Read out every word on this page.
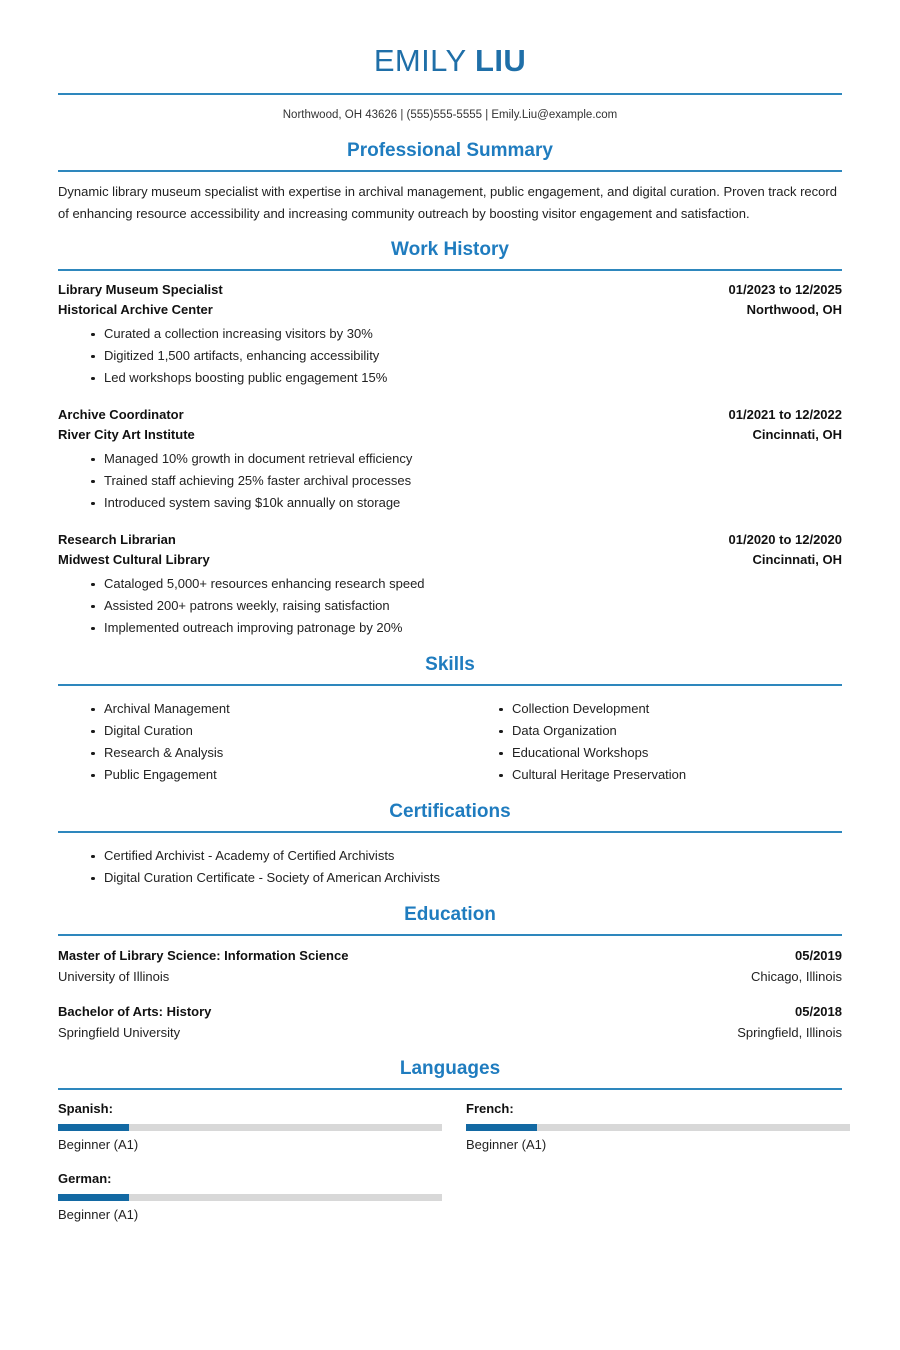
EMILY LIU
Northwood, OH 43626 | (555)555-5555 | Emily.Liu@example.com
Professional Summary
Dynamic library museum specialist with expertise in archival management, public engagement, and digital curation. Proven track record of enhancing resource accessibility and increasing community outreach by boosting visitor engagement and satisfaction.
Work History
Library Museum Specialist	01/2023 to 12/2025
Historical Archive Center	Northwood, OH
Curated a collection increasing visitors by 30%
Digitized 1,500 artifacts, enhancing accessibility
Led workshops boosting public engagement 15%
Archive Coordinator	01/2021 to 12/2022
River City Art Institute	Cincinnati, OH
Managed 10% growth in document retrieval efficiency
Trained staff achieving 25% faster archival processes
Introduced system saving $10k annually on storage
Research Librarian	01/2020 to 12/2020
Midwest Cultural Library	Cincinnati, OH
Cataloged 5,000+ resources enhancing research speed
Assisted 200+ patrons weekly, raising satisfaction
Implemented outreach improving patronage by 20%
Skills
Archival Management
Digital Curation
Research & Analysis
Public Engagement
Collection Development
Data Organization
Educational Workshops
Cultural Heritage Preservation
Certifications
Certified Archivist - Academy of Certified Archivists
Digital Curation Certificate - Society of American Archivists
Education
Master of Library Science: Information Science	05/2019
University of Illinois	Chicago, Illinois
Bachelor of Arts: History	05/2018
Springfield University	Springfield, Illinois
Languages
Spanish:
Beginner (A1)
French:
Beginner (A1)
German:
Beginner (A1)
